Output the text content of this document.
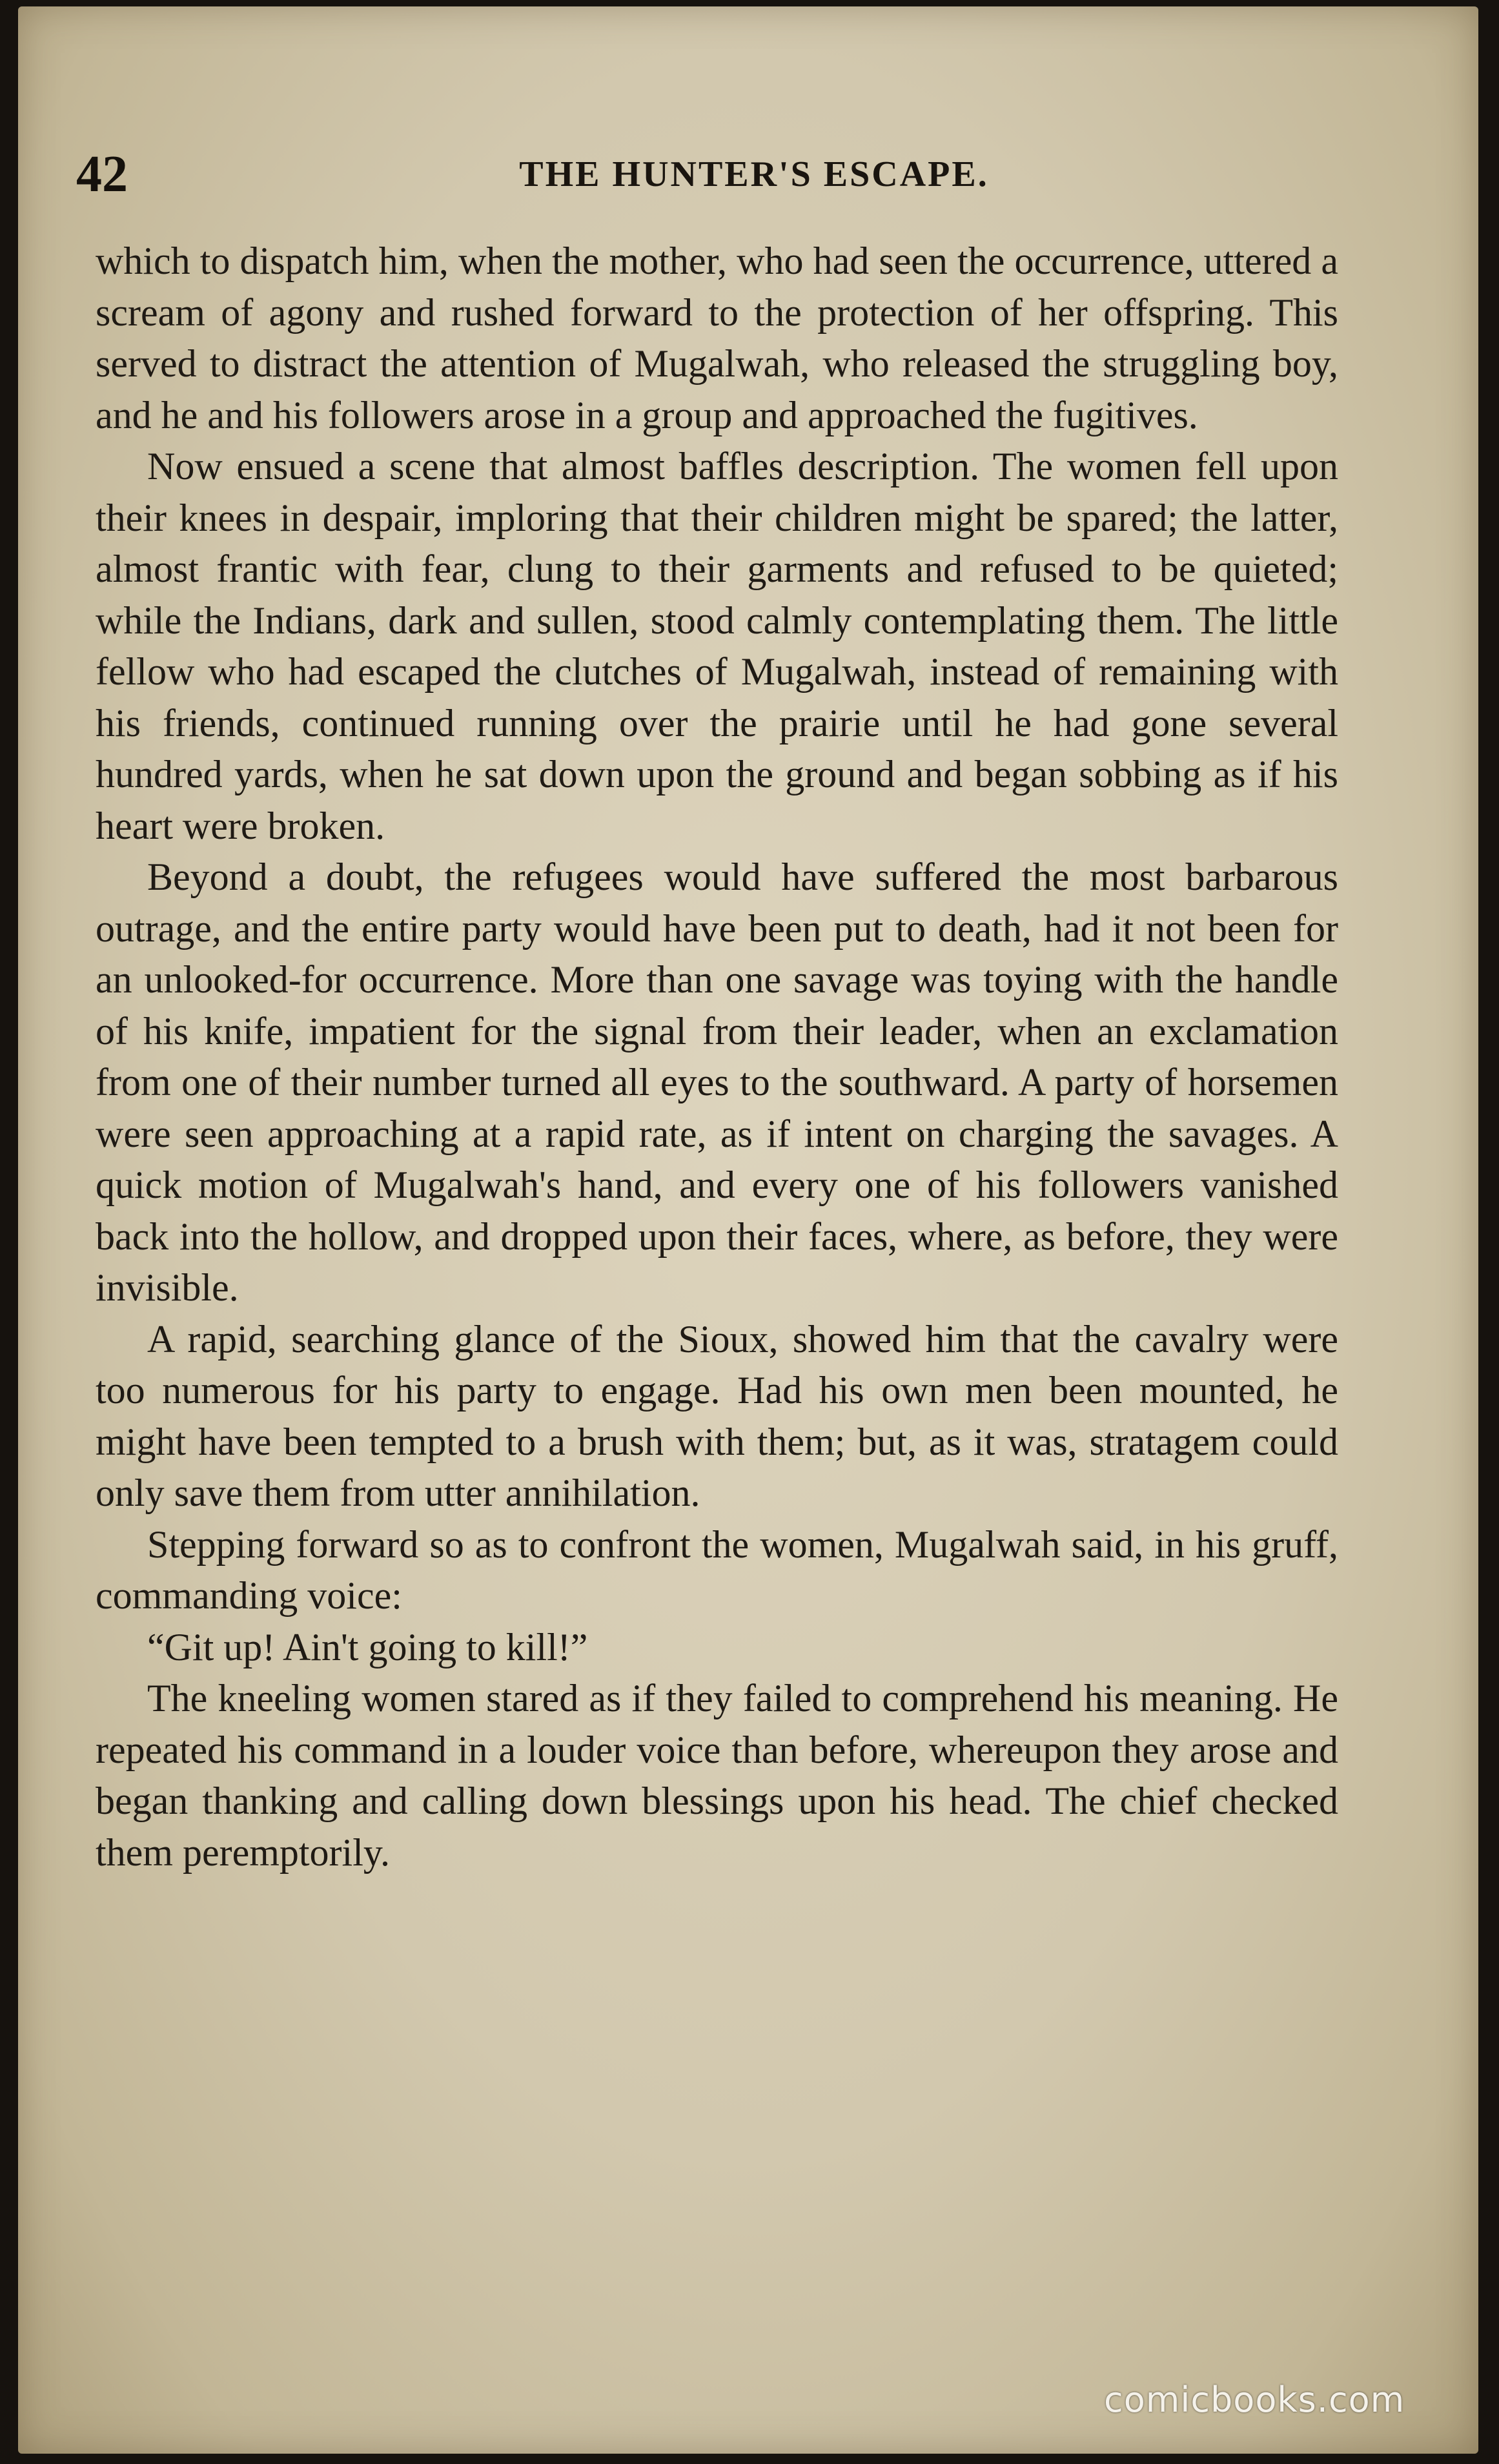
42	THE HUNTER'S ESCAPE.

which to dispatch him, when the mother, who had seen the occurrence, uttered a scream of agony and rushed forward to the protection of her offspring. This served to distract the attention of Mugalwah, who released the struggling boy, and he and his followers arose in a group and approached the fugitives.

Now ensued a scene that almost baffles description. The women fell upon their knees in despair, imploring that their children might be spared; the latter, almost frantic with fear, clung to their garments and refused to be quieted; while the Indians, dark and sullen, stood calmly contemplating them. The little fellow who had escaped the clutches of Mugalwah, instead of remaining with his friends, continued running over the prairie until he had gone several hundred yards, when he sat down upon the ground and began sobbing as if his heart were broken.

Beyond a doubt, the refugees would have suffered the most barbarous outrage, and the entire party would have been put to death, had it not been for an unlooked-for occurrence. More than one savage was toying with the handle of his knife, impatient for the signal from their leader, when an exclamation from one of their number turned all eyes to the southward. A party of horsemen were seen approaching at a rapid rate, as if intent on charging the savages. A quick motion of Mugalwah's hand, and every one of his followers vanished back into the hollow, and dropped upon their faces, where, as before, they were invisible.

A rapid, searching glance of the Sioux, showed him that the cavalry were too numerous for his party to engage. Had his own men been mounted, he might have been tempted to a brush with them; but, as it was, stratagem could only save them from utter annihilation.

Stepping forward so as to confront the women, Mugalwah said, in his gruff, commanding voice:

“Git up! Ain't going to kill!”

The kneeling women stared as if they failed to comprehend his meaning. He repeated his command in a louder voice than before, whereupon they arose and began thanking and calling down blessings upon his head. The chief checked them peremptorily.

comicbooks.com
